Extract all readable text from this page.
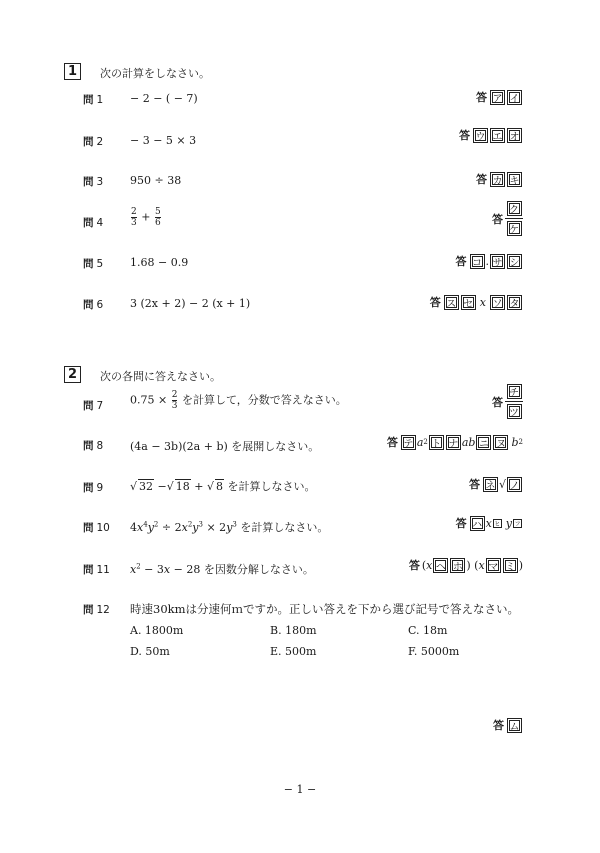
1	次の計算をしなさい。
問 1 − 2 − ( − 7)	答 ア イ
問 2 − 3 − 5 × 3	答 ウ エ オ
問 3 950 ÷ 38	答 カ キ
問 4	$\frac{2}{3} + \frac{5}{6}$	答
ク
ケ
問 5 1.68 − 0.9	答 コ . サ シ
問 6 3 (2x + 2) − 2 (x + 1)	答 ス セ x ソ タ
2	次の各問に答えなさい。
問 7 $0.75 \times \frac{2}{3}$ を計算して，分数で答えなさい。	答
チ
ツ
問 8 (4a − 3b)(2a + b) を展開しなさい。	答 テ a 2 ト ナ ab ニ ヌ b 2
問 9 √ 32 −√ 18 + √ 8 を計算しなさい。	答 ネ √ ノ
問 10 $4x^4y^2 \div 2x^2y^3 \times 2y^3$ を計算しなさい。	答 ハ x ヒ y フ
問 11 $x^2 - 3x - 28$ を因数分解しなさい。	答 (x ヘ ホ ) (x マ ミ )
問 12 時速30kmは分速何ｍですか。正しい答えを下から選び記号で答えなさい。
A. 1800m	B. 180m	C. 18m
D. 50m	E. 500m	F. 5000m
答 ム
− 1 −
